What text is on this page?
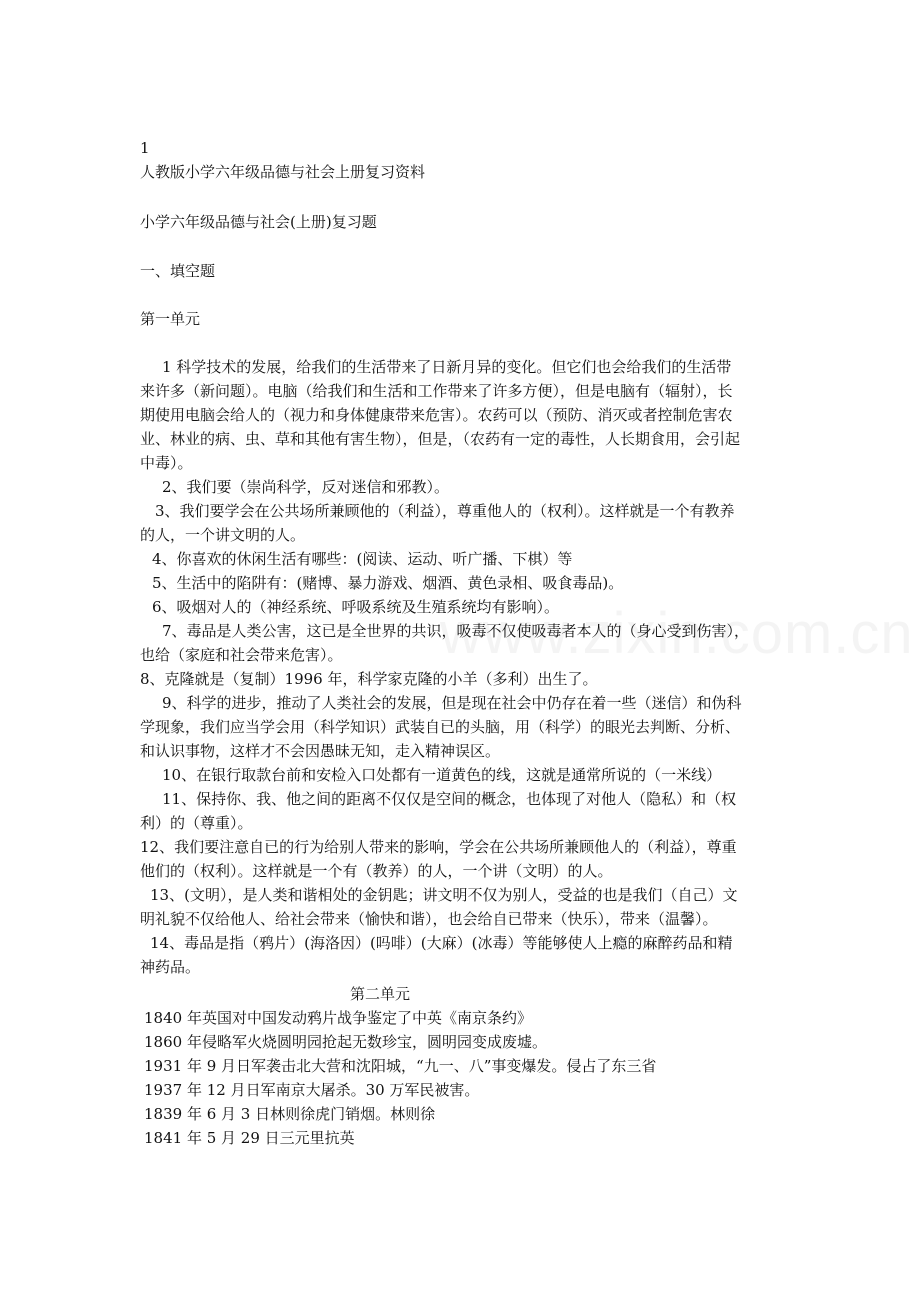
1
人教版小学六年级品德与社会上册复习资料
小学六年级品德与社会(上册)复习题
一、填空题
第一单元
1 科学技术的发展，给我们的生活带来了日新月异的变化。但它们也会给我们的生活带
来许多（新问题）。电脑（给我们和生活和工作带来了许多方便），但是电脑有（辐射），长
期使用电脑会给人的（视力和身体健康带来危害）。农药可以（预防、消灭或者控制危害农
业、林业的病、虫、草和其他有害生物），但是，（农药有一定的毒性，人长期食用，会引起
中毒）。
2、我们要（崇尚科学，反对迷信和邪教）。
3、我们要学会在公共场所兼顾他的（利益），尊重他人的（权利）。这样就是一个有教养
的人，一个讲文明的人。
4、你喜欢的休闲生活有哪些：(阅读、运动、听广播、下棋）等
5、生活中的陷阱有：(赌博、暴力游戏、烟酒、黄色录相、吸食毒品)。
6、吸烟对人的（神经系统、呼吸系统及生殖系统均有影响）。
7、毒品是人类公害，这已是全世界的共识，吸毒不仅使吸毒者本人的（身心受到伤害），
也给（家庭和社会带来危害）。
8、克隆就是（复制）1996 年，科学家克隆的小羊（多利）出生了。
9、科学的进步，推动了人类社会的发展，但是现在社会中仍存在着一些（迷信）和伪科
学现象，我们应当学会用（科学知识）武装自已的头脑，用（科学）的眼光去判断、分析、
和认识事物，这样才不会因愚昧无知，走入精神误区。
10、在银行取款台前和安检入口处都有一道黄色的线，这就是通常所说的（一米线）
11、保持你、我、他之间的距离不仅仅是空间的概念，也体现了对他人（隐私）和（权
利）的（尊重）。
12、我们要注意自已的行为给别人带来的影响，学会在公共场所兼顾他人的（利益），尊重
他们的（权利）。这样就是一个有（教养）的人，一个讲（文明）的人。
13、(文明），是人类和谐相处的金钥匙；讲文明不仅为别人，受益的也是我们（自己）文
明礼貌不仅给他人、给社会带来（愉快和谐），也会给自已带来（快乐），带来（温馨）。
14、毒品是指（鸦片）(海洛因）(吗啡）(大麻）(冰毒）等能够使人上瘾的麻醉药品和精
神药品。
第二单元
1840 年英国对中国发动鸦片战争鉴定了中英《南京条约》
1860 年侵略军火烧圆明园抢起无数珍宝，圆明园变成废墟。
1931 年 9 月日军袭击北大营和沈阳城，“九一、八”事变爆发。侵占了东三省
1937 年 12 月日军南京大屠杀。30 万军民被害。
1839 年 6 月 3 日林则徐虎门销烟。林则徐
1841 年 5 月 29 日三元里抗英
